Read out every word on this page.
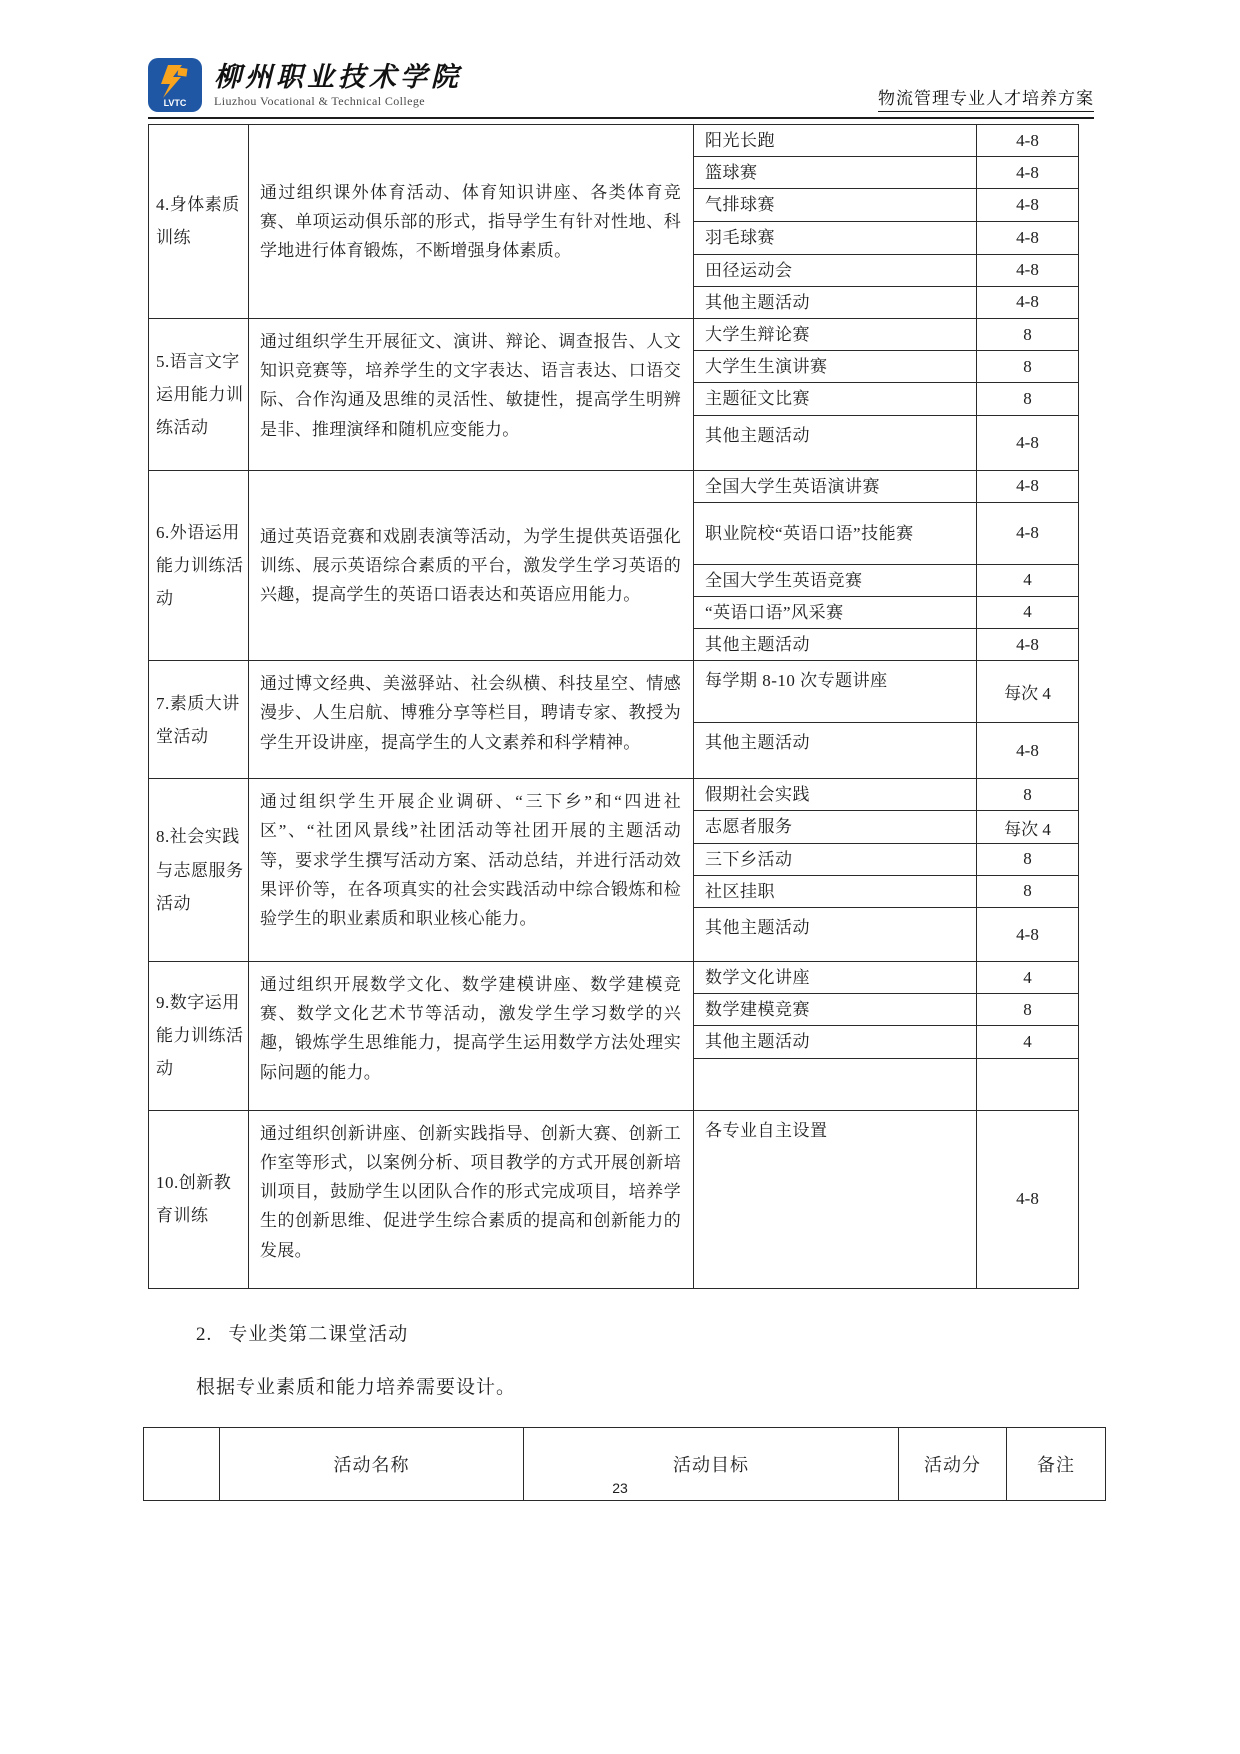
LVTC
柳州职业技术学院
Liuzhou Vocational & Technical College	物流管理专业人才培养方案
4.身体素质训练	通过组织课外体育活动、体育知识讲座、各类体育竞赛、单项运动俱乐部的形式，指导学生有针对性地、科学地进行体育锻炼，不断增强身体素质。	阳光长跑	4-8
		篮球赛	4-8
		气排球赛	4-8
		羽毛球赛	4-8
		田径运动会	4-8
		其他主题活动	4-8
5.语言文字运用能力训练活动	通过组织学生开展征文、演讲、辩论、调查报告、人文知识竞赛等，培养学生的文字表达、语言表达、口语交际、合作沟通及思维的灵活性、敏捷性，提高学生明辨是非、推理演绎和随机应变能力。	大学生辩论赛	8
		大学生生演讲赛	8
		主题征文比赛	8
		其他主题活动	4-8
6.外语运用能力训练活动	通过英语竞赛和戏剧表演等活动，为学生提供英语强化训练、展示英语综合素质的平台，激发学生学习英语的兴趣，提高学生的英语口语表达和英语应用能力。	全国大学生英语演讲赛	4-8
		职业院校“英语口语”技能赛	4-8
		全国大学生英语竞赛	4
		“英语口语”风采赛	4
		其他主题活动	4-8
7.素质大讲堂活动	通过博文经典、美滋驿站、社会纵横、科技星空、情感漫步、人生启航、博雅分享等栏目，聘请专家、教授为学生开设讲座，提高学生的人文素养和科学精神。	每学期 8-10 次专题讲座	每次 4
		其他主题活动	4-8
8.社会实践与志愿服务活动	通过组织学生开展企业调研、“三下乡”和“四进社区”、“社团风景线”社团活动等社团开展的主题活动等，要求学生撰写活动方案、活动总结，并进行活动效果评价等，在各项真实的社会实践活动中综合锻炼和检验学生的职业素质和职业核心能力。	假期社会实践	8
		志愿者服务	每次 4
		三下乡活动	8
		社区挂职	8
		其他主题活动	4-8
9.数字运用能力训练活动	通过组织开展数学文化、数学建模讲座、数学建模竞赛、数学文化艺术节等活动，激发学生学习数学的兴趣，锻炼学生思维能力，提高学生运用数学方法处理实际问题的能力。	数学文化讲座	4
		数学建模竞赛	8
		其他主题活动	4

10.创新教育训练	通过组织创新讲座、创新实践指导、创新大赛、创新工作室等形式，以案例分析、项目教学的方式开展创新培训项目，鼓励学生以团队合作的形式完成项目，培养学生的创新思维、促进学生综合素质的提高和创新能力的发展。	各专业自主设置	4-8
2. 专业类第二课堂活动
根据专业素质和能力培养需要设计。
	活动名称	活动目标	活动分	备注
23
